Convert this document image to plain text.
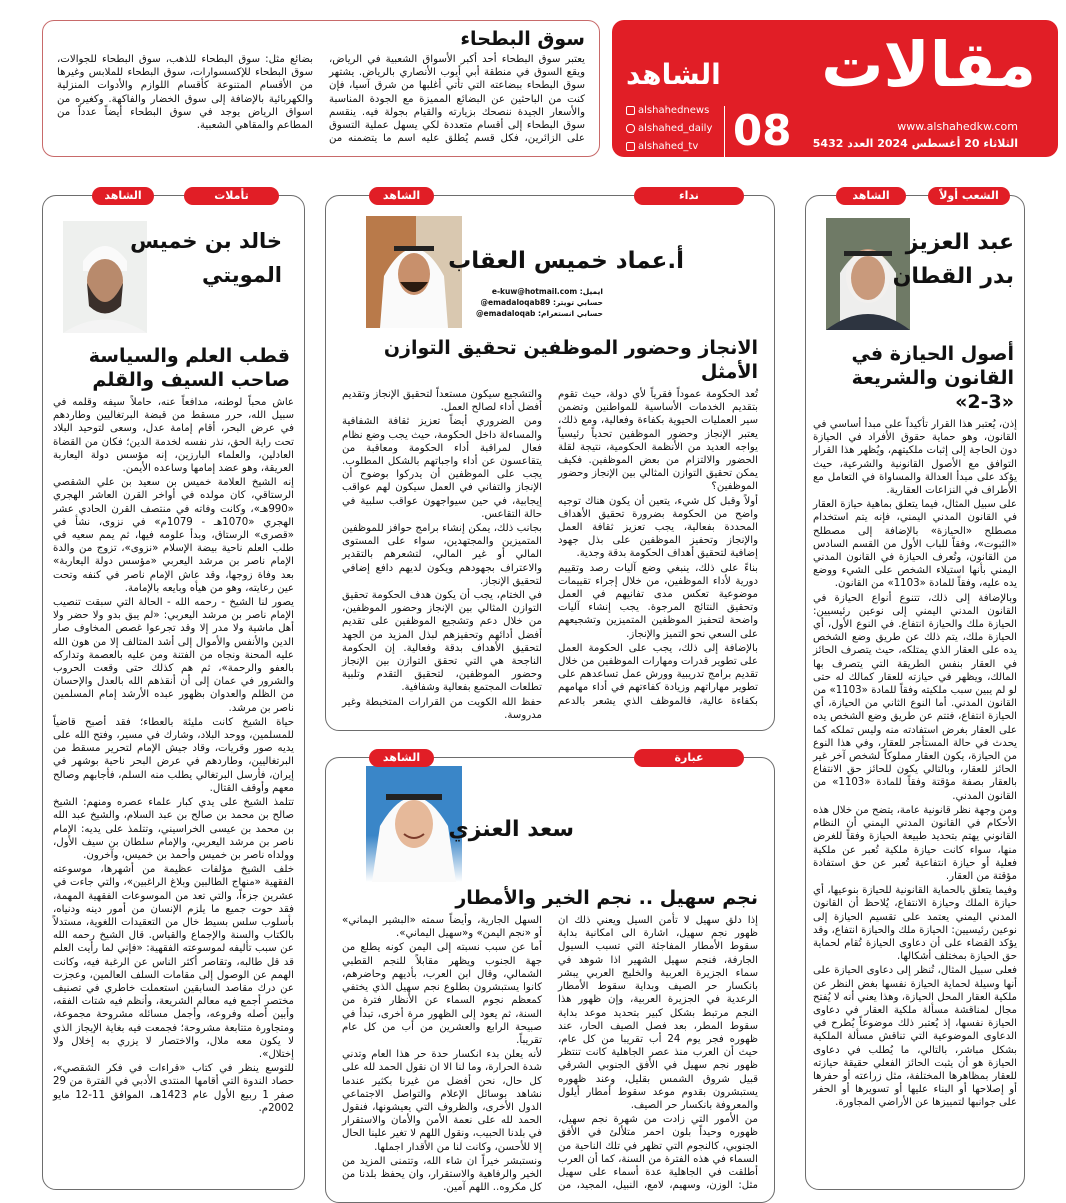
مقالات
www.alshahedkw.com
الثلاثاء 20 أغسطس 2024 العدد 5432
الشاهد
alshahednews
alshahed_daily
alshahed_tv 08
سوق البطحاء

يعتبر سوق البطحاء أحد أكبر الأسواق الشعبية في الرياض، ويقع السوق في منطقة أبي أيوب الأنصاري بالرياض. يشتهر سوق البطحاء ببضاعته التي تأتي أغلبها من شرق آسيا، فإن كنت من الباحثين عن البضائع المميزة مع الجودة المناسبة والأسعار الجيدة ننصحك بزيارته والقيام بجولة فيه. ينقسم سوق البطحاء إلى أقسام متعددة لكي يسهل عملية التسوق على الزائرين، فكل قسم يُطلق عليه اسم ما يتضمنه من بضائع مثل: سوق البطحاء للذهب، سوق البطحاء للجوالات، سوق البطحاء للإكسسوارات، سوق البطحاء للملابس وغيرها من الأقسام المتنوعة كأقسام اللوازم والأدوات المنزلية والكهربائية بالإضافة إلى سوق الخضار والفاكهة. وكغيره من اسواق الرياض يوجد في سوق البطحاء أيضاً عدداً من المطاعم والمقاهي الشعبية.

الشعب أولاً
الشاهد
عبد العزيز
بدر القطان
أصول الحيازة في القانون والشريعة «3-2»

إذن، يُعتبر هذا القرار تأكيداً على مبدأ أساسي في القانون، وهو حماية حقوق الأفراد في الحيازة دون الحاجة إلى إثبات ملكيتهم، ويُظهر هذا القرار التوافق مع الأصول القانونية والشرعية، حيث يؤكد على مبدأ العدالة والمساواة في التعامل مع الأطراف في النزاعات العقارية.

على سبيل المثال، فيما يتعلق بماهية حيازة العقار في القانون المدني اليمني، فإنه يتم استخدام مصطلح «الحيازة» بالإضافة إلى مصطلح «الثبوت»، وفقاً للباب الأول من القسم السادس من القانون، وتُعرف الحيازة في القانون المدني اليمني بأنها استيلاء الشخص على الشيء ووضع يده عليه، وفقاً للمادة «1103» من القانون.

وبالإضافة إلى ذلك، تتنوع أنواع الحيازة في القانون المدني اليمني إلى نوعين رئيسيين: الحيازة ملك والحيازة انتفاع. في النوع الأول، أي الحيازة ملك، يتم ذلك عن طريق وضع الشخص يده على العقار الذي يمتلكه، حيث يتصرف الحائز في العقار بنفس الطريقة التي يتصرف بها المالك، ويظهر في حيازته للعقار كمالك له حتى لو لم يبين سبب ملكيته وفقاً للمادة «1103» من القانون المدني. أما النوع الثاني من الحيازة، أي الحيازة انتفاع، فتتم عن طريق وضع الشخص يده على العقار بغرض استفادته منه وليس تملكه كما يحدث في حالة المستأجر للعقار، وفي هذا النوع من الحيازة، يكون العقار مملوكاً لشخص آخر غير الحائز للعقار، وبالتالي يكون للحائز حق الانتفاع بالعقار بصفة مؤقتة وفقاً للمادة «1103» من القانون المدني.

ومن وجهة نظر قانونية عامة، يتضح من خلال هذه الأحكام في القانون المدني اليمني أن النظام القانوني يهتم بتحديد طبيعة الحيازة وفقاً للغرض منها، سواء كانت حيازة ملكية تُعبر عن ملكية فعلية أو حيازة انتفاعية تُعبر عن حق استفادة مؤقتة من العقار.

وفيما يتعلق بالحماية القانونية للحيازة بنوعيها، أي حيازة الملك وحيازة الانتفاع، يُلاحظ أن القانون المدني اليمني يعتمد على تقسيم الحيازة إلى نوعين رئيسيين: الحيازة ملك والحيازة انتفاع، وقد يؤكد القضاء على أن دعاوى الحيازة تُقام لحماية حق الحيازة بمختلف أشكالها.

فعلى سبيل المثال، تُنظر إلى دعاوى الحيازة على أنها وسيلة لحماية الحيازة نفسها بغض النظر عن ملكية العقار المحل الحيازة، وهذا يعني أنه لا يُفتح مجال لمناقشة مسألة ملكية العقار في دعاوى الحيازة نفسها، إذ يُعتبر ذلك موضوعاً يُطرح في الدعاوى الموضوعية التي تناقش مسألة الملكية بشكل مباشر، بالتالي، ما يُطلب في دعاوى الحيازة هو أن يثبت الحائز الفعلي حقيقة حيازته للعقار بمظاهرها المختلفة، مثل زراعته أو حفرها أو إصلاحها أو البناء عليها أو تسويرها أو الحفر على جوانبها لتمييزها عن الأراضي المجاورة.

نداء
الشاهد
أ.عماد خميس العقاب
ايميل: e-kuw@hotmail.com
حسابي تويتر: emadaloqab89@
حسابي انستغرام: emadaloqab@
الانجاز وحضور الموظفين تحقيق التوازن الأمثل

تُعد الحكومة عموداً فقرياً لأي دولة، حيث تقوم بتقديم الخدمات الأساسية للمواطنين وتضمن سير العمليات الحيوية بكفاءة وفعالية، ومع ذلك، يعتبر الإنجاز وحضور الموظفين تحدياً رئيسياً يواجه العديد من الأنظمة الحكومية، نتيجة لقلة الحضور والالتزام من بعض الموظفين. فكيف يمكن تحقيق التوازن المثالي بين الإنجاز وحضور الموظفين؟

أولاً وقبل كل شيء، يتعين أن يكون هناك توجيه واضح من الحكومة بضرورة تحقيق الأهداف المحددة بفعالية، يجب تعزيز ثقافة العمل والإنجاز وتحفيز الموظفين على بذل جهود إضافية لتحقيق أهداف الحكومة بدقة وجدية.

بناءً على ذلك، ينبغي وضع آليات رصد وتقييم دورية لأداء الموظفين، من خلال إجراء تقييمات موضوعية تعكس مدى تفانيهم في العمل وتحقيق النتائج المرجوة. يجب إنشاء آليات واضحة لتحفيز الموظفين المتميزين وتشجيعهم على السعي نحو التميز والإنجاز.

بالإضافة إلى ذلك، يجب على الحكومة العمل على تطوير قدرات ومهارات الموظفين من خلال تقديم برامج تدريبية وورش عمل تساعدهم على تطوير مهاراتهم وزيادة كفاءتهم في أداء مهامهم بكفاءة عالية، فالموظف الذي يشعر بالدعم والتشجيع سيكون مستعداً لتحقيق الإنجاز وتقديم أفضل أداء لصالح العمل.

ومن الضروري أيضاً تعزيز ثقافة الشفافية والمساءلة داخل الحكومة، حيث يجب وضع نظام فعال لمراقبة أداء الحكومة ومعاقبة من يتقاعسون عن أداء واجباتهم بالشكل المطلوب. يجب على الموظفين أن يدركوا بوضوح أن الإنجاز والتفاني في العمل سيكون لهم عواقب إيجابية، في حين سيواجهون عواقب سلبية في حالة التقاعس.

بجانب ذلك، يمكن إنشاء برامج حوافز للموظفين المتميزين والمجتهدين، سواء على المستوى المالي أو غير المالي، لتشعرهم بالتقدير والاعتراف بجهودهم ويكون لديهم دافع إضافي لتحقيق الإنجاز.

في الختام، يجب أن يكون هدف الحكومة تحقيق التوازن المثالي بين الإنجاز وحضور الموظفين، من خلال دعم وتشجيع الموظفين على تقديم أفضل أدائهم وتحفيزهم لبذل المزيد من الجهد لتحقيق الأهداف بدقة وفعالية. إن الحكومة الناجحة هي التي تحقق التوازن بين الإنجاز وحضور الموظفين، لتحقيق التقدم وتلبية تطلعات المجتمع بفعالية وشفافية.

حفظ الله الكويت من القرارات المتخبطة وغير مدروسة.

عبارة
الشاهد
سعد العنزي
نجم سهيل .. نجم الخير والأمطار

إذا دلق سهيل لا تأمن السيل ويعني ذلك ان ظهور نجم سهيل، اشارة الى امكانية بداية سقوط الأمطار المفاجئة التي تسبب السيول الجارفة، فنجم سهيل الشهير اذا شوهد في سماء الجزيرة العربية والخليج العربي يبشر بانكسار حر الصيف وبداية سقوط الأمطار الرعدية في الجزيرة العربية، وإن ظهور هذا النجم مرتبط بشكل كبير بتحديد موعد بداية سقوط المطر، بعد فصل الصيف الحار، عند ظهوره فجر يوم 24 أب تقريبا من كل عام، حيث أن العرب منذ عصر الجاهلية كانت تنتظر ظهور نجم سهيل في الأفق الجنوبي الشرقي قبيل شروق الشمس بقليل، وعند ظهوره يستبشرون بقدوم موعد سقوط أمطار أيلول والمعروفة بانكسار حر الصيف.

من الأمور التي زادت من شهرة نجم سهيل، ظهوره وحيداً بلون احمر متلألئ في الأفق الجنوبي، كالنجوم التي تظهر في تلك الناحية من السماء في هذه الفترة من السنة، كما أن العرب أطلقت في الجاهلية عدة أسماء على سهيل مثل: الوزن، وسهيم، لامع، النبيل، المجيد، من السهل الجارية، وأيضاً سمته «البشير اليماني» أو «نجم اليمن» و«سهيل اليماني».

أما عن سبب نسبته إلى اليمن كونه يطلع من جهة الجنوب ويظهر مقابلاً للنجم القطبي الشمالي، وقال ابن العرب، بأديهم وحاضرهم، كانوا يستبشرون بطلوع نجم سهيل الذي يختفي كمعظم نجوم السماء عن الأنظار فترة من السنة، ثم يعود إلى الظهور مرة أخرى، تبدأ في صبيحة الرابع والعشرين من أب من كل عام تقريباً.

لأنه يعلن بدء انكسار حدة حر هذا العام وتدني شدة الحرارة، وما لنا الا ان نقول الحمد لله على كل حال، نحن أفضل من غيرنا بكثير عندما نشاهد بوسائل الإعلام والتواصل الاجتماعي الدول الأخرى، والظروف التي يعيشونها، فنقول الحمد لله على نعمة الأمن والأمان والاستقرار في بلدنا الحبيب، ونقول اللهم لا تغير علينا الحال إلا للأحسن، وكانت لنا من الأقدار اجملها.

ونستبشر خيراً ان شاء الله، وتتمنى المزيد من الخير والرفاهية والاستقرار، وان يحفظ بلدنا من كل مكروه.. اللهم آمين.

تأملات
الشاهد
خالد بن خميس
المويتي
قطب العلم والسياسة صاحب السيف والقلم

عاش محباً لوطنه، مدافعاً عنه، حاملاً سيفه وقلمه في سبيل الله، حرر مسقط من قبضة البرتغاليين وطاردهم في عرض البحر، أقام إمامة عدل، وسعى لتوحيد البلاد تحت راية الحق، نذر نفسه لخدمة الدين؛ فكان من القضاة العادلين، والعلماء البارزين، إنه مؤسس دولة اليعاربة العريقة، وهو عضد إمامها وساعده الأيمن.

إنه الشيخ العلامة خميس بن سعيد بن علي الشقصي الرستاقي، كان مولده في أواخر القرن العاشر الهجري «990هـ»، وكانت وفاته في منتصف القرن الحادي عشر الهجري «1070هـ - 1079م» في نزوى، نشأ في «قصرى» الرستاق، وبدأ علومه فيها، ثم يمم سعيه في طلب العلم ناحية بيضة الإسلام «نزوى»، تزوج من والدة الإمام ناصر بن مرشد اليعربي «مؤسس دولة اليعاربة» بعد وفاة زوجها، وقد عاش الإمام ناصر في كنفه وتحت عين رعايته، وهو من هيأه وبايعه بالإمامة.

يصور لنا الشيخ - رحمه الله - الحالة التي سبقت تنصيب الإمام ناصر بن مرشد اليعربي: «لم يبق بدو ولا حضر ولا أهل ماشية ولا مدر إلا وقد تجرعوا غصص المخاوف صار الدين والأنفس والأموال إلى أشد المتالف إلا من هون الله عليه المحنة ونجاه من الفتنة ومن عليه بالعصمة وتداركه بالعفو والرحمة»، ثم هم كذلك حتى وقعت الحروب والشرور في عمان إلى أن أنقذهم الله بالعدل والإحسان من الظلم والعدوان بظهور عبده الأرشد إمام المسلمين ناصر بن مرشد.

حياة الشيخ كانت مليئة بالعطاء؛ فقد أصبح قاضياً للمسلمين، ووحد البلاد، وشارك في مسير، وفتح الله على يديه صور وقريات، وقاد جيش الإمام لتحرير مسقط من البرتغاليين، وطاردهم في عرض البحر ناحية بوشهر في إيران، فأرسل البرتغالي يطلب منه السلم، فأجابهم وصالح معهم وأوقف القتال.

تتلمذ الشيخ على يدي كبار علماء عصره ومنهم: الشيخ صالح بن محمد بن صالح بن عبد السلام، والشيخ عبد الله بن محمد بن عيسى الخراسيني، وتتلمذ على يديه: الإمام ناصر بن مرشد اليعربي، والإمام سلطان بن سيف الأول، وولداه ناصر بن خميس وأحمد بن خميس، وآخرون.

خلف الشيخ مؤلفات عظيمة من أشهرها، موسوعته الفقهية «منهاج الطالبين وبلاغ الراغبين»، والتي جاءت في عشرين جزءاً، والتي تعد من الموسوعات الفقهية المهمة، فقد حوت جميع ما يلزم الإنسان من أمور دينه ودنياه، بأسلوب سلس بسيط خال من التعقيدات اللغوية، مستدلاً بالكتاب والسنة والإجماع والقياس. قال الشيخ رحمه الله عن سبب تأليفه لموسوعته الفقهية: «فإني لما رأيت العلم قد قل طالبه، وتقاصر أكثر الناس عن الرغبة فيه، وكانت الهمم عن الوصول إلى مقامات السلف العالمين، وعجزت عن درك مقاصد السابقين استعملت خاطري في تصنيف مختصر أجمع فيه معالم الشريعة، وأنظم فيه شتات الفقه، وأبين أصله وفروعه، وأجمل مسائله مشروحة مجموعة، ومتجاورة متتابعة مشروحة؛ فجمعت فيه بغاية الإيجاز الذي لا يكون معه ملال، والاختصار لا يزري به إخلال ولا إختلال».

للتوسع ينظر في كتاب «قراءات في فكر الشقصي»، حصاد الندوة التي أقامها المنتدى الأدبي في الفترة من 29 صفر 1 ربيع الأول عام 1423هـ، الموافق 11-12 مايو 2002م.
